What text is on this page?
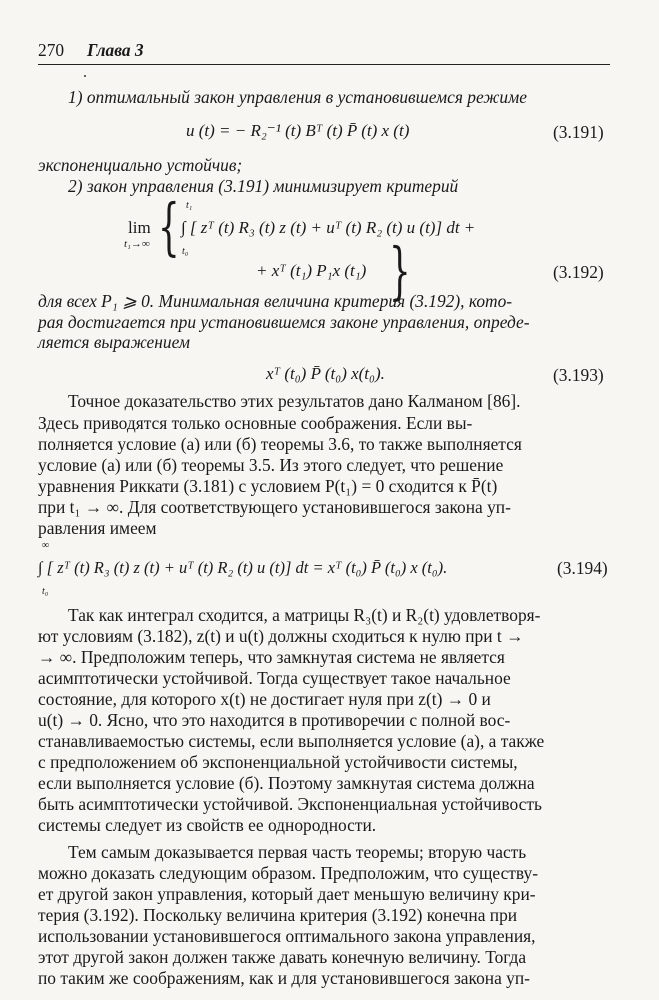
270 Глава 3
1) оптимальный закон управления в установившемся режиме
u (t) = − R₂⁻¹ (t) Bᵀ (t) P̄ (t) x (t)	(3.191)
экспоненциально устойчив;
2) закон управления (3.191) минимизирует критерий
lim
t₁→∞ { t₁
t₀
∫ [ zᵀ (t) R₃ (t) z (t) + uᵀ (t) R₂ (t) u (t)] dt +
+ xᵀ (t₁) P₁x (t₁) }	(3.192)
для всех P₁ ⩾ 0. Минимальная величина критерия (3.192), кото-
рая достигается при установившемся законе управления, опреде-
ляется выражением
xᵀ (t₀) P̄ (t₀) x(t₀).	(3.193)
Точное доказательство этих результатов дано Калманом [86].
Здесь приводятся только основные соображения. Если вы-
полняется условие (а) или (б) теоремы 3.6, то также выполняется
условие (а) или (б) теоремы 3.5. Из этого следует, что решение
уравнения Риккати (3.181) с условием P(t₁) = 0 сходится к P̄(t)
при t₁ → ∞. Для соответствующего установившегося закона уп-
равления имеем
∞
t₀
∫ [ zᵀ (t) R₃ (t) z (t) + uᵀ (t) R₂ (t) u (t)] dt = xᵀ (t₀) P̄ (t₀) x (t₀).	(3.194)
Так как интеграл сходится, а матрицы R₃(t) и R₂(t) удовлетворя-
ют условиям (3.182), z(t) и u(t) должны сходиться к нулю при t →
→ ∞. Предположим теперь, что замкнутая система не является
асимптотически устойчивой. Тогда существует такое начальное
состояние, для которого x(t) не достигает нуля при z(t) → 0 и
u(t) → 0. Ясно, что это находится в противоречии с полной вос-
станавливаемостью системы, если выполняется условие (а), а также
с предположением об экспоненциальной устойчивости системы,
если выполняется условие (б). Поэтому замкнутая система должна
быть асимптотически устойчивой. Экспоненциальная устойчивость
системы следует из свойств ее однородности.
Тем самым доказывается первая часть теоремы; вторую часть
можно доказать следующим образом. Предположим, что существу-
ет другой закон управления, который дает меньшую величину кри-
терия (3.192). Поскольку величина критерия (3.192) конечна при
использовании установившегося оптимального закона управления,
этот другой закон должен также давать конечную величину. Тогда
по таким же соображениям, как и для установившегося закона уп-
